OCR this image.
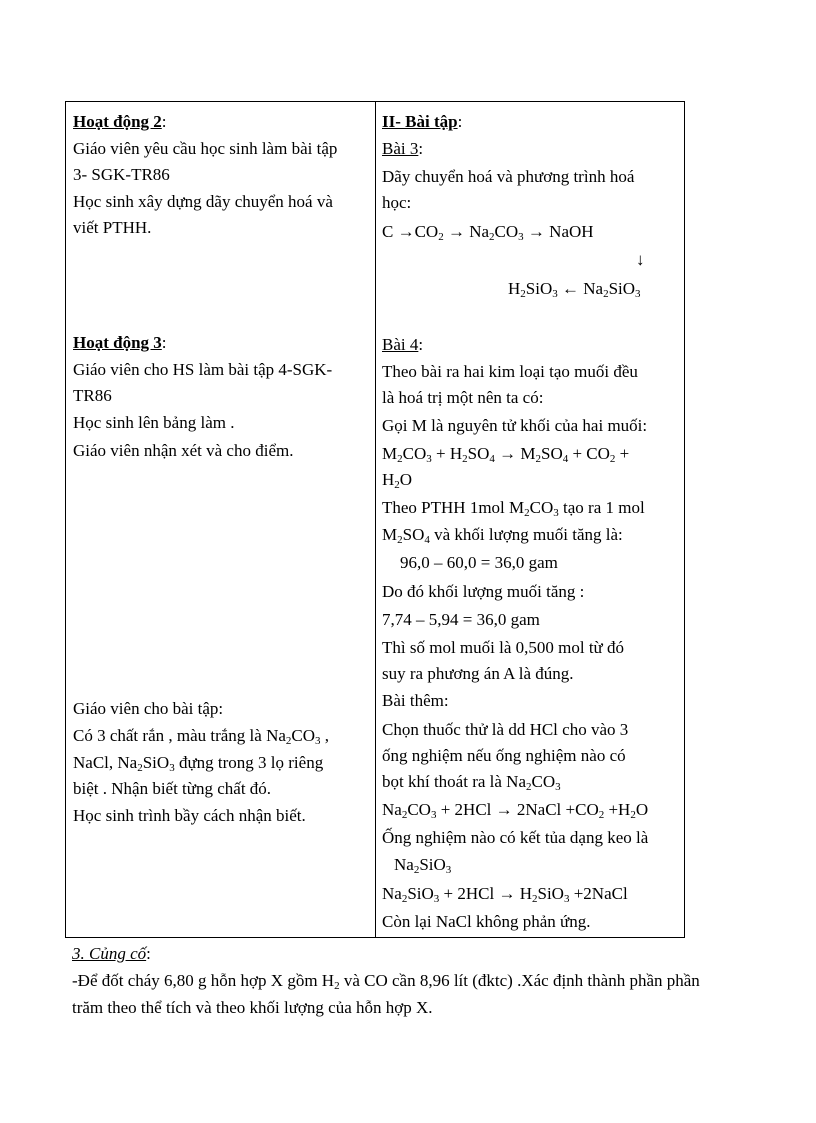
Hoạt động 2:
Giáo viên yêu cầu học sinh làm bài tập
3- SGK-TR86
Học sinh xây dựng dãy chuyển hoá và
viết PTHH.
Hoạt động 3:
Giáo viên cho HS làm bài tập 4-SGK-
TR86
Học sinh lên bảng làm .
Giáo viên nhận xét và cho điểm.
Giáo viên cho bài tập:
Có 3 chất rắn , màu trắng là $Na_2CO_3$ ,
NaCl, $Na_2SiO_3$ đựng trong 3 lọ riêng
biệt . Nhận biết từng chất đó.
Học sinh trình bầy cách nhận biết.
II- Bài tập:
Bài 3:
Dãy chuyển hoá và phương trình hoá
học:
$C \to CO_2 \to Na_2CO_3$ → NaOH
↓
$H_2SiO_3$ ← $Na_2SiO_3$
Bài 4:
Theo bài ra hai kim loại tạo muối đều
là hoá trị một nên ta có:
Gọi M là nguyên tử khối của hai muối:
$M_2CO_3 + H_2SO_4 \to M_2SO_4 + CO_2$ +
$H_2O$
Theo PTHH 1mol $M_2CO_3$ tạo ra 1 mol
$M_2SO_4$ và khối lượng muối tăng là:
96,0 – 60,0 = 36,0 gam
Do đó khối lượng muối tăng :
7,74 – 5,94 = 36,0 gam
Thì số mol muối là 0,500 mol từ đó
suy ra phương án A là đúng.
Bài thêm:
Chọn thuốc thử là dd HCl cho vào 3
ống nghiệm nếu ống nghiệm nào có
bọt khí thoát ra là $Na_2CO_3$
$Na_2CO_3 + 2HCl$ → 2NaCl $+CO_2 +H_2O$
Ống nghiệm nào có kết tủa dạng keo là
$Na_2SiO_3$
$Na_2SiO_3 + 2HCl \to H_2SiO_3$ +2NaCl
Còn lại NaCl không phản ứng.
3. Củng cố:
-Để đốt cháy 6,80 g hỗn hợp X gồm $H_2$ và CO cần 8,96 lít (đktc) .Xác định thành phần phần
trăm theo thể tích và theo khối lượng của hỗn hợp X.
